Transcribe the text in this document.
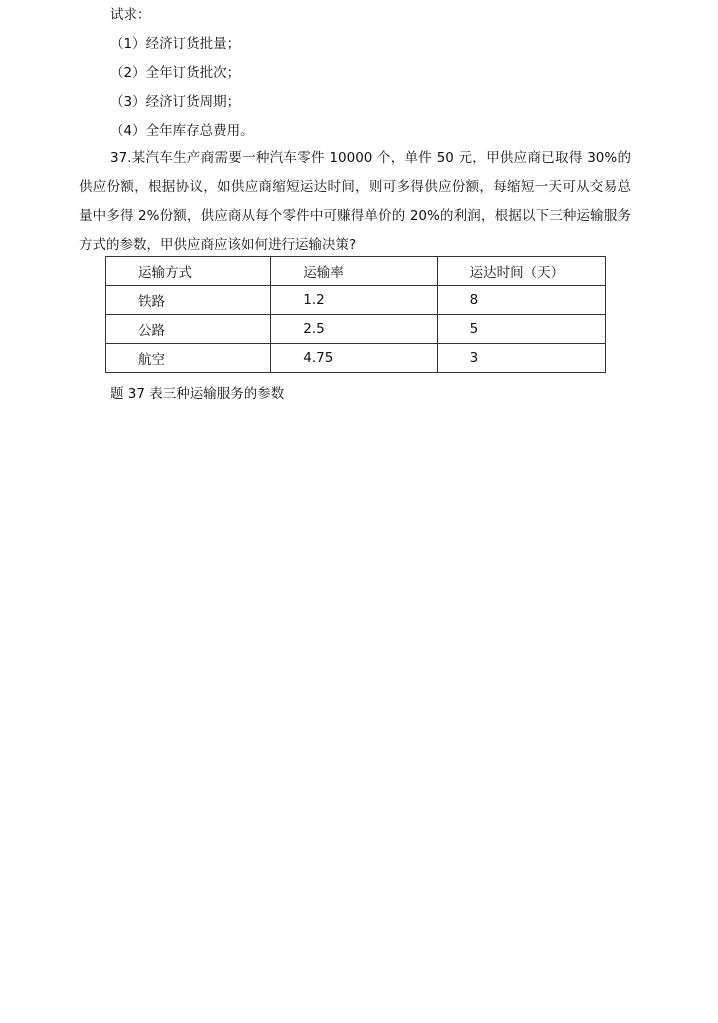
试求：
（1）经济订货批量；
（2）全年订货批次；
（3）经济订货周期；
（4）全年库存总费用。
37.某汽车生产商需要一种汽车零件 10000 个，单件 50 元，甲供应商已取得 30%的供应份额，根据协议，如供应商缩短运达时间，则可多得供应份额，每缩短一天可从交易总量中多得 2%份额，供应商从每个零件中可赚得单价的 20%的利润，根据以下三种运输服务方式的参数，甲供应商应该如何进行运输决策?
运输方式	运输率	运达时间（天）
铁路	1.2	8
公路	2.5	5
航空	4.75	3
题 37 表三种运输服务的参数
